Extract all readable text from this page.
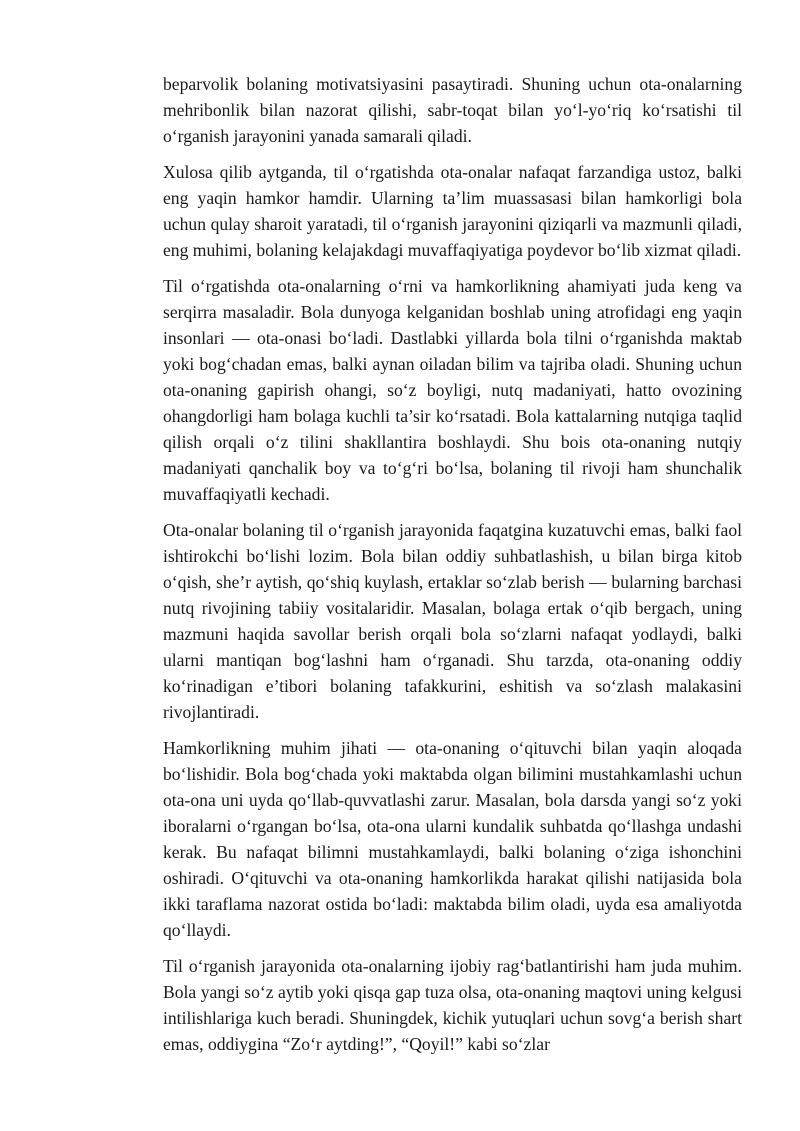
beparvolik bolaning motivatsiyasini pasaytiradi. Shuning uchun ota-onalarning mehribonlik bilan nazorat qilishi, sabr-toqat bilan yo‘l-yo‘riq ko‘rsatishi til o‘rganish jarayonini yanada samarali qiladi.

Xulosa qilib aytganda, til o‘rgatishda ota-onalar nafaqat farzandiga ustoz, balki eng yaqin hamkor hamdir. Ularning ta’lim muassasasi bilan hamkorligi bola uchun qulay sharoit yaratadi, til o‘rganish jarayonini qiziqarli va mazmunli qiladi, eng muhimi, bolaning kelajakdagi muvaffaqiyatiga poydevor bo‘lib xizmat qiladi.

Til o‘rgatishda ota-onalarning o‘rni va hamkorlikning ahamiyati juda keng va serqirra masaladir. Bola dunyoga kelganidan boshlab uning atrofidagi eng yaqin insonlari — ota-onasi bo‘ladi. Dastlabki yillarda bola tilni o‘rganishda maktab yoki bog‘chadan emas, balki aynan oiladan bilim va tajriba oladi. Shuning uchun ota-onaning gapirish ohangi, so‘z boyligi, nutq madaniyati, hatto ovozining ohangdorligi ham bolaga kuchli ta’sir ko‘rsatadi. Bola kattalarning nutqiga taqlid qilish orqali o‘z tilini shakllantira boshlaydi. Shu bois ota-onaning nutqiy madaniyati qanchalik boy va to‘g‘ri bo‘lsa, bolaning til rivoji ham shunchalik muvaffaqiyatli kechadi.

Ota-onalar bolaning til o‘rganish jarayonida faqatgina kuzatuvchi emas, balki faol ishtirokchi bo‘lishi lozim. Bola bilan oddiy suhbatlashish, u bilan birga kitob o‘qish, she’r aytish, qo‘shiq kuylash, ertaklar so‘zlab berish — bularning barchasi nutq rivojining tabiiy vositalaridir. Masalan, bolaga ertak o‘qib bergach, uning mazmuni haqida savollar berish orqali bola so‘zlarni nafaqat yodlaydi, balki ularni mantiqan bog‘lashni ham o‘rganadi. Shu tarzda, ota-onaning oddiy ko‘rinadigan e’tibori bolaning tafakkurini, eshitish va so‘zlash malakasini rivojlantiradi.

Hamkorlikning muhim jihati — ota-onaning o‘qituvchi bilan yaqin aloqada bo‘lishidir. Bola bog‘chada yoki maktabda olgan bilimini mustahkamlashi uchun ota-ona uni uyda qo‘llab-quvvatlashi zarur. Masalan, bola darsda yangi so‘z yoki iboralarni o‘rgangan bo‘lsa, ota-ona ularni kundalik suhbatda qo‘llashga undashi kerak. Bu nafaqat bilimni mustahkamlaydi, balki bolaning o‘ziga ishonchini oshiradi. O‘qituvchi va ota-onaning hamkorlikda harakat qilishi natijasida bola ikki taraflama nazorat ostida bo‘ladi: maktabda bilim oladi, uyda esa amaliyotda qo‘llaydi.

Til o‘rganish jarayonida ota-onalarning ijobiy rag‘batlantirishi ham juda muhim. Bola yangi so‘z aytib yoki qisqa gap tuza olsa, ota-onaning maqtovi uning kelgusi intilishlariga kuch beradi. Shuningdek, kichik yutuqlari uchun sovg‘a berish shart emas, oddiygina “Zo‘r aytding!”, “Qoyil!” kabi so‘zlar
